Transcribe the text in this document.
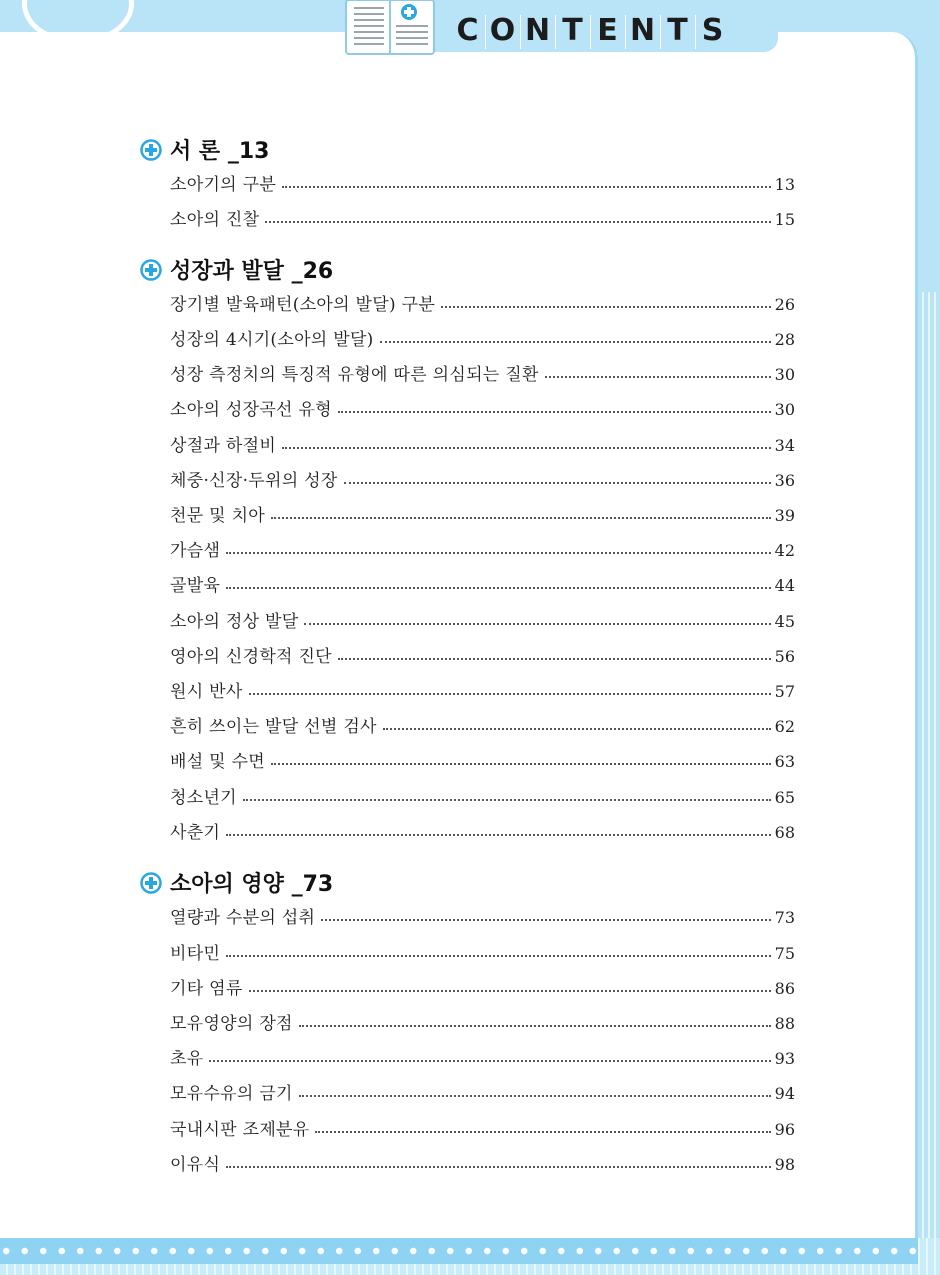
C O N T E N T S
서 론 _13
소아기의 구분	13
소아의 진찰	15
성장과 발달 _26
장기별 발육패턴(소아의 발달) 구분	26
성장의 4시기(소아의 발달)	28
성장 측정치의 특징적 유형에 따른 의심되는 질환	30
소아의 성장곡선 유형	30
상절과 하절비	34
체중·신장·두위의 성장	36
천문 및 치아	39
가슴샘	42
골발육	44
소아의 정상 발달	45
영아의 신경학적 진단	56
원시 반사	57
흔히 쓰이는 발달 선별 검사	62
배설 및 수면	63
청소년기	65
사춘기	68
소아의 영양 _73
열량과 수분의 섭취	73
비타민	75
기타 염류	86
모유영양의 장점	88
초유	93
모유수유의 금기	94
국내시판 조제분유	96
이유식	98
